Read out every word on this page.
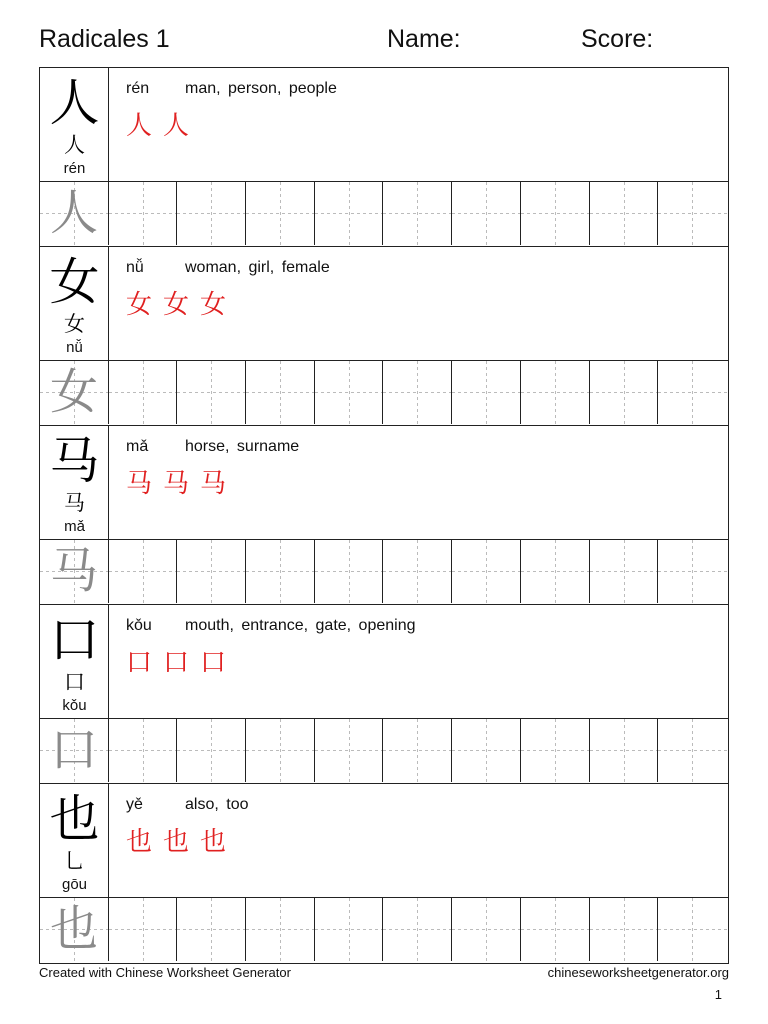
Radicales 1	Name:	Score:
人
人
rén
rén man, person, people
人 人
人
女
女
nǚ
nǚ	woman, girl, female
女 女 女
女
马
马
mǎ
mǎ horse, surname
马 马 马
马
口
口
kǒu
kǒu mouth, entrance, gate, opening
口 口 口
口
也
乚
gōu
yě	also, too
也 也 也
也
Created with Chinese Worksheet Generator	chineseworksheetgenerator.org
1
